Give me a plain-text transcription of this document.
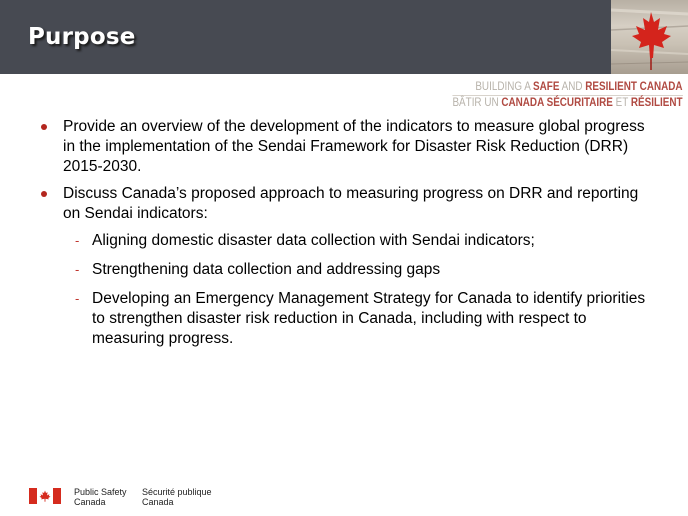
Purpose
BUILDING A SAFE AND RESILIENT CANADA
BÂTIR UN CANADA SÉCURITAIRE ET RÉSILIENT
Provide an overview of the development of the indicators to measure global progress in the implementation of the Sendai Framework for Disaster Risk Reduction (DRR) 2015-2030.
Discuss Canada’s proposed approach to measuring progress on DRR and reporting on Sendai indicators:
- Aligning domestic disaster data collection with Sendai indicators;
- Strengthening data collection and addressing gaps
- Developing an Emergency Management Strategy for Canada to identify priorities to strengthen disaster risk reduction in Canada, including with respect to measuring progress.
Public Safety
Canada
Sécurité publique
Canada
